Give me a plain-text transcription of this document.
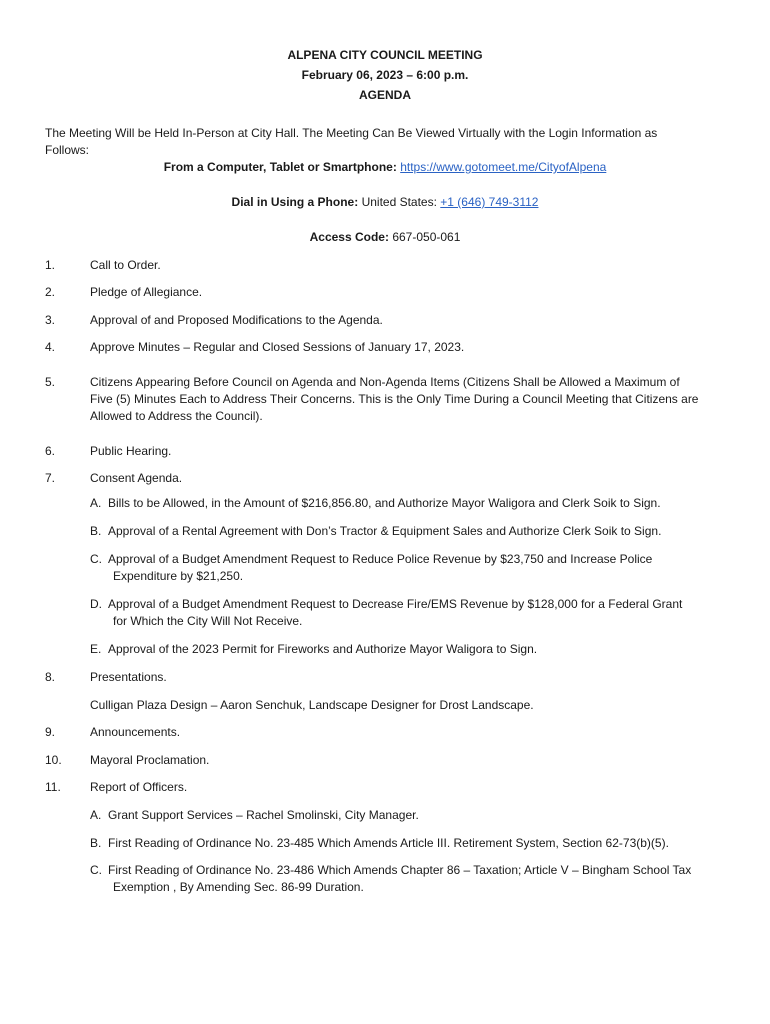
ALPENA CITY COUNCIL MEETING
February 06, 2023 – 6:00 p.m.
AGENDA
The Meeting Will be Held In-Person at City Hall. The Meeting Can Be Viewed Virtually with the Login Information as
Follows:
From a Computer, Tablet or Smartphone: https://www.gotomeet.me/CityofAlpena
Dial in Using a Phone: United States: +1 (646) 749-3112
Access Code: 667-050-061
1.	Call to Order.
2.	Pledge of Allegiance.
3.	Approval of and Proposed Modifications to the Agenda.
4.	Approve Minutes – Regular and Closed Sessions of January 17, 2023.
5.	Citizens Appearing Before Council on Agenda and Non-Agenda Items (Citizens Shall be Allowed a Maximum of
Five (5) Minutes Each to Address Their Concerns. This is the Only Time During a Council Meeting that Citizens are
Allowed to Address the Council).
6.	Public Hearing.
7.	Consent Agenda.
A. Bills to be Allowed, in the Amount of $216,856.80, and Authorize Mayor Waligora and Clerk Soik to Sign.
B. Approval of a Rental Agreement with Don’s Tractor & Equipment Sales and Authorize Clerk Soik to Sign.
C. Approval of a Budget Amendment Request to Reduce Police Revenue by $23,750 and Increase Police
Expenditure by $21,250.
D. Approval of a Budget Amendment Request to Decrease Fire/EMS Revenue by $128,000 for a Federal Grant
for Which the City Will Not Receive.
E. Approval of the 2023 Permit for Fireworks and Authorize Mayor Waligora to Sign.
8.	Presentations.
Culligan Plaza Design – Aaron Senchuk, Landscape Designer for Drost Landscape.
9.	Announcements.
10. Mayoral Proclamation.
11. Report of Officers.
A. Grant Support Services – Rachel Smolinski, City Manager.
B. First Reading of Ordinance No. 23-485 Which Amends Article III. Retirement System, Section 62-73(b)(5).
C. First Reading of Ordinance No. 23-486 Which Amends Chapter 86 – Taxation; Article V – Bingham School Tax
Exemption , By Amending Sec. 86-99 Duration.
